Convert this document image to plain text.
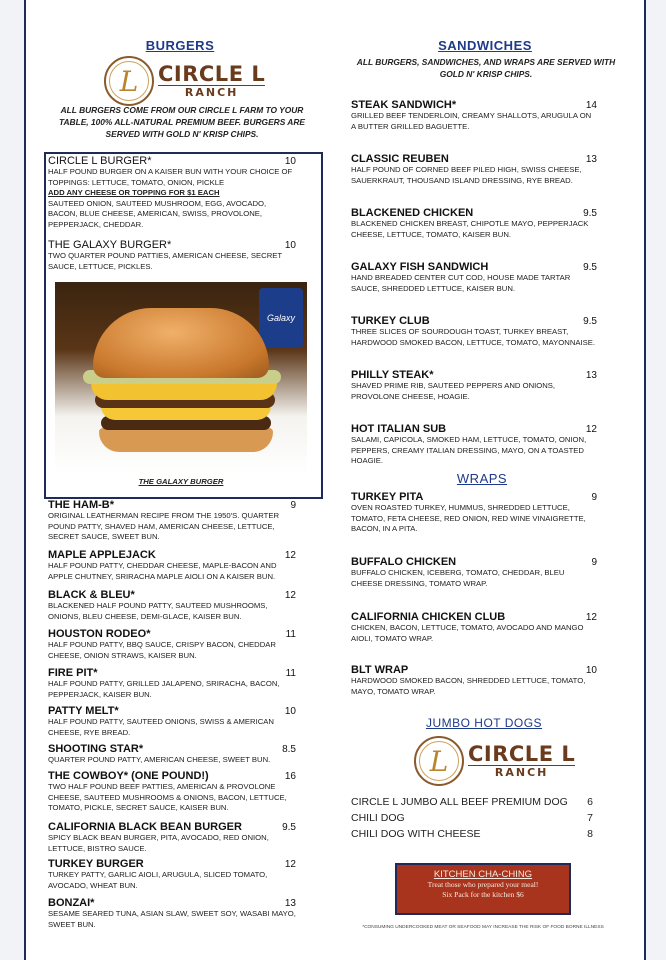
BURGERS
L CIRCLE L
RANCH
ALL BURGERS COME FROM OUR CIRCLE L FARM TO YOUR TABLE, 100% ALL-NATURAL PREMIUM BEEF. BURGERS ARE SERVED WITH GOLD N' KRISP CHIPS.
CIRCLE L BURGER*	10
HALF POUND BURGER ON A KAISER BUN WITH YOUR CHOICE OF TOPPINGS: LETTUCE, TOMATO, ONION, PICKLE
ADD ANY CHEESE OR TOPPING FOR $1 EACH
SAUTEED ONION, SAUTEED MUSHROOM, EGG, AVOCADO, BACON, BLUE CHEESE, AMERICAN, SWISS, PROVOLONE, PEPPERJACK, CHEDDAR.
THE GALAXY BURGER*	10
TWO QUARTER POUND PATTIES, AMERICAN CHEESE, SECRET SAUCE, LETTUCE, PICKLES.
Galaxy
THE GALAXY BURGER
THE HAM-B*	9
ORIGINAL LEATHERMAN RECIPE FROM THE 1950'S. QUARTER POUND PATTY, SHAVED HAM, AMERICAN CHEESE, LETTUCE, SECRET SAUCE, SWEET BUN.
MAPLE APPLEJACK	12
HALF POUND PATTY, CHEDDAR CHEESE, MAPLE-BACON AND APPLE CHUTNEY, SRIRACHA MAPLE AIOLI ON A KAISER BUN.
BLACK & BLEU*	12
BLACKENED HALF POUND PATTY, SAUTEED MUSHROOMS, ONIONS, BLEU CHEESE, DEMI-GLACE, KAISER BUN.
HOUSTON RODEO*	11
HALF POUND PATTY, BBQ SAUCE, CRISPY BACON, CHEDDAR CHEESE, ONION STRAWS, KAISER BUN.
FIRE PIT*	11
HALF POUND PATTY, GRILLED JALAPENO, SRIRACHA, BACON, PEPPERJACK, KAISER BUN.
PATTY MELT*	10
HALF POUND PATTY, SAUTEED ONIONS, SWISS & AMERICAN CHEESE, RYE BREAD.
SHOOTING STAR*	8.5
QUARTER POUND PATTY, AMERICAN CHEESE, SWEET BUN.
THE COWBOY* (ONE POUND!)	16
TWO HALF POUND BEEF PATTIES, AMERICAN & PROVOLONE CHEESE, SAUTEED MUSHROOMS & ONIONS, BACON, LETTUCE, TOMATO, PICKLE, SECRET SAUCE, KAISER BUN.
CALIFORNIA BLACK BEAN BURGER	9.5
SPICY BLACK BEAN BURGER, PITA, AVOCADO, RED ONION, LETTUCE, BISTRO SAUCE.
TURKEY BURGER	12
TURKEY PATTY, GARLIC AIOLI, ARUGULA, SLICED TOMATO, AVOCADO, WHEAT BUN.
BONZAI*	13
SESAME SEARED TUNA, ASIAN SLAW, SWEET SOY, WASABI MAYO, SWEET BUN.
SANDWICHES
ALL BURGERS, SANDWICHES, AND WRAPS ARE SERVED WITH GOLD N' KRISP CHIPS.
STEAK SANDWICH*	14
GRILLED BEEF TENDERLOIN, CREAMY SHALLOTS, ARUGULA ON A BUTTER GRILLED BAGUETTE.
CLASSIC REUBEN	13
HALF POUND OF CORNED BEEF PILED HIGH, SWISS CHEESE, SAUERKRAUT, THOUSAND ISLAND DRESSING, RYE BREAD.
BLACKENED CHICKEN	9.5
BLACKENED CHICKEN BREAST, CHIPOTLE MAYO, PEPPERJACK CHEESE, LETTUCE, TOMATO, KAISER BUN.
GALAXY FISH SANDWICH	9.5
HAND BREADED CENTER CUT COD, HOUSE MADE TARTAR SAUCE, SHREDDED LETTUCE, KAISER BUN.
TURKEY CLUB	9.5
THREE SLICES OF SOURDOUGH TOAST, TURKEY BREAST, HARDWOOD SMOKED BACON, LETTUCE, TOMATO, MAYONNAISE.
PHILLY STEAK*	13
SHAVED PRIME RIB, SAUTEED PEPPERS AND ONIONS, PROVOLONE CHEESE, HOAGIE.
HOT ITALIAN SUB	12
SALAMI, CAPICOLA, SMOKED HAM, LETTUCE, TOMATO, ONION, PEPPERS, CREAMY ITALIAN DRESSING, MAYO, ON A TOASTED HOAGIE.
WRAPS
TURKEY PITA	9
OVEN ROASTED TURKEY, HUMMUS, SHREDDED LETTUCE, TOMATO, FETA CHEESE, RED ONION, RED WINE VINAIGRETTE, BACON, IN A PITA.
BUFFALO CHICKEN	9
BUFFALO CHICKEN, ICEBERG, TOMATO, CHEDDAR, BLEU CHEESE DRESSING, TOMATO WRAP.
CALIFORNIA CHICKEN CLUB	12
CHICKEN, BACON, LETTUCE, TOMATO, AVOCADO AND MANGO AIOLI, TOMATO WRAP.
BLT WRAP	10
HARDWOOD SMOKED BACON, SHREDDED LETTUCE, TOMATO, MAYO, TOMATO WRAP.
JUMBO HOT DOGS
L CIRCLE L
RANCH
CIRCLE L JUMBO ALL BEEF PREMIUM DOG 6
CHILI DOG	7
CHILI DOG WITH CHEESE	8
KITCHEN CHA-CHING
Treat those who prepared your meal!
Six Pack for the kitchen $6
*CONSUMING UNDERCOOKED MEAT OR SEAFOOD MAY INCREASE THE RISK OF FOOD BORNE ILLNESS
